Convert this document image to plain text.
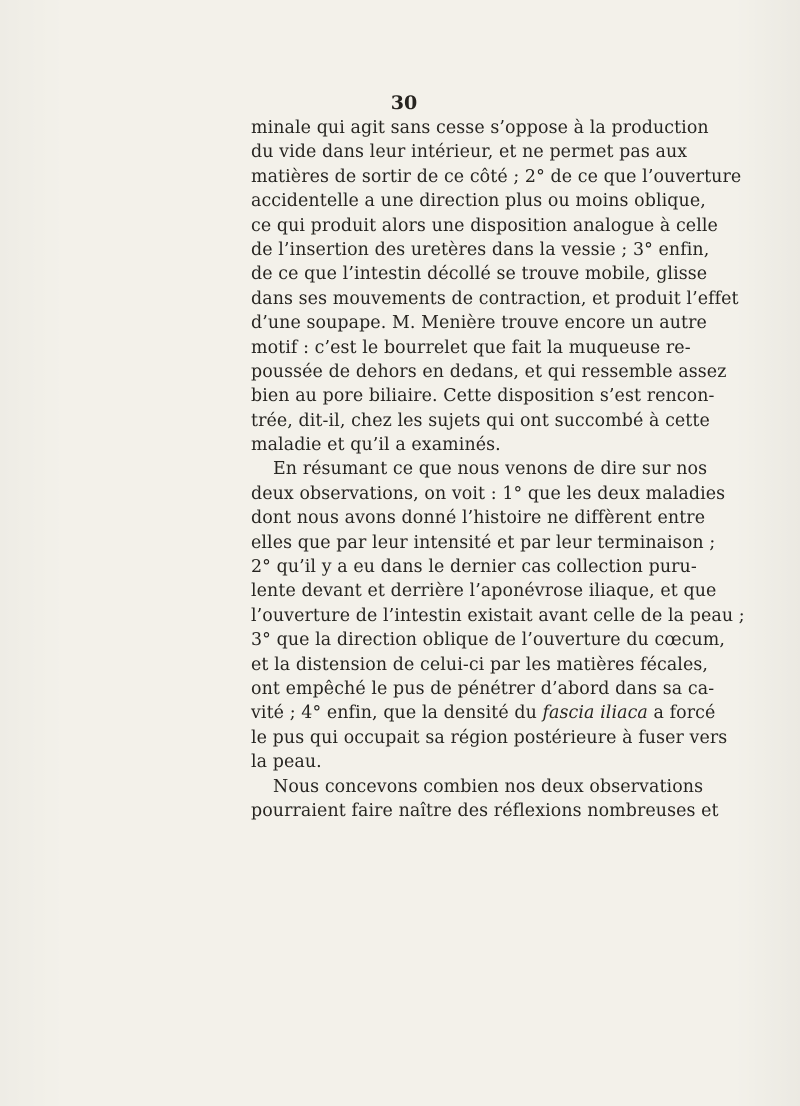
30
minale qui agit sans cesse s’oppose à la production
du vide dans leur intérieur, et ne permet pas aux
matières de sortir de ce côté ; 2° de ce que l’ouverture
accidentelle a une direction plus ou moins oblique,
ce qui produit alors une disposition analogue à celle
de l’insertion des uretères dans la vessie ; 3° enfin,
de ce que l’intestin décollé se trouve mobile, glisse
dans ses mouvements de contraction, et produit l’effet
d’une soupape. M. Menière trouve encore un autre
motif : c’est le bourrelet que fait la muqueuse re-
poussée de dehors en dedans, et qui ressemble assez
bien au pore biliaire. Cette disposition s’est rencon-
trée, dit-il, chez les sujets qui ont succombé à cette
maladie et qu’il a examinés.
En résumant ce que nous venons de dire sur nos
deux observations, on voit : 1° que les deux maladies
dont nous avons donné l’histoire ne diffèrent entre
elles que par leur intensité et par leur terminaison ;
2° qu’il y a eu dans le dernier cas collection puru-
lente devant et derrière l’aponévrose iliaque, et que
l’ouverture de l’intestin existait avant celle de la peau ;
3° que la direction oblique de l’ouverture du cœcum,
et la distension de celui-ci par les matières fécales,
ont empêché le pus de pénétrer d’abord dans sa ca-
vité ; 4° enfin, que la densité du fascia iliaca a forcé
le pus qui occupait sa région postérieure à fuser vers
la peau.
Nous concevons combien nos deux observations
pourraient faire naître des réflexions nombreuses et
